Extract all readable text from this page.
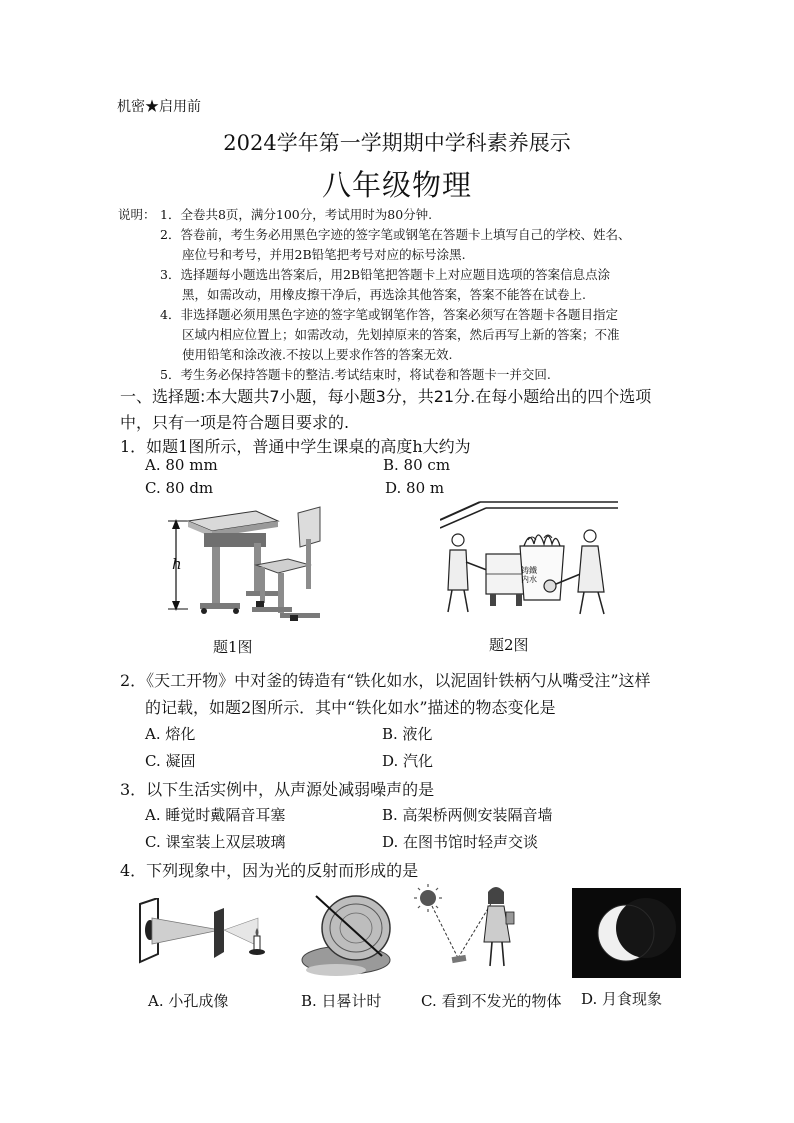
机密★启用前
2024学年第一学期期中学科素养展示
八年级物理
说明： 1．全卷共8页，满分100分，考试用时为80分钟.
2．答卷前，考生务必用黑色字迹的签字笔或钢笔在答题卡上填写自己的学校、姓名、
座位号和考号，并用2B铅笔把考号对应的标号涂黑.
3．选择题每小题选出答案后，用2B铅笔把答题卡上对应题目选项的答案信息点涂
黑，如需改动，用橡皮擦干净后，再选涂其他答案，答案不能答在试卷上.
4．非选择题必须用黑色字迹的签字笔或钢笔作答，答案必须写在答题卡各题目指定
区域内相应位置上；如需改动，先划掉原来的答案，然后再写上新的答案；不准
使用铅笔和涂改液.不按以上要求作答的答案无效.
5．考生务必保持答题卡的整洁.考试结束时，将试卷和答题卡一并交回.
一、选择题:本大题共7小题，每小题3分，共21分.在每小题给出的四个选项
中，只有一项是符合题目要求的.
1．如题1图所示，普通中学生课桌的高度h大约为
A. 80 mm	B. 80 cm
C. 80 dm	D. 80 m
h
题1图
铸鐵内水
题2图
2．《天工开物》中对釜的铸造有“铁化如水，以泥固针铁柄勺从嘴受注”这样
的记载，如题2图所示．其中“铁化如水”描述的物态变化是
A. 熔化	B. 液化
C. 凝固	D. 汽化
3．以下生活实例中，从声源处减弱噪声的是
A. 睡觉时戴隔音耳塞	B. 高架桥两侧安装隔音墙
C. 课室装上双层玻璃	D. 在图书馆时轻声交谈
4．下列现象中，因为光的反射而形成的是
A. 小孔成像	B. 日晷计时	C. 看到不发光的物体 D. 月食现象
